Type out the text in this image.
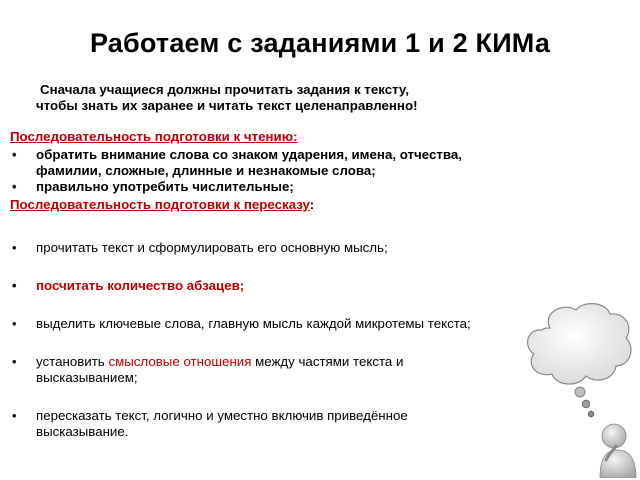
Работаем с заданиями 1 и 2 КИМа
Сначала учащиеся должны прочитать задания к тексту,
чтобы знать их заранее и читать текст целенаправленно!
Последовательность подготовки к чтению:
• обратить внимание слова со знаком ударения, имена, отчества, фамилии, сложные, длинные и незнакомые слова;
• правильно употребить числительные;
Последовательность подготовки к пересказу:
• прочитать текст и сформулировать его основную мысль;
• посчитать количество абзацев;
• выделить ключевые слова, главную мысль каждой микротемы текста;
• установить смысловые отношения между частями текста и высказыванием;
• пересказать текст, логично и уместно включив приведённое высказывание.
